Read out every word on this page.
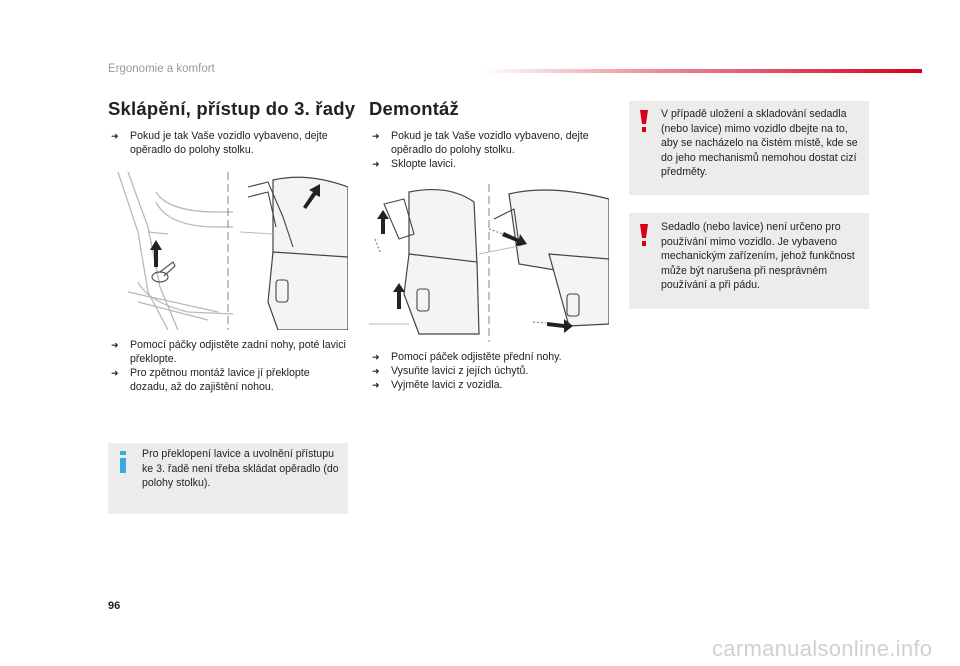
Ergonomie a komfort
Sklápění, přístup do 3. řady
➜ Pokud je tak Vaše vozidlo vybaveno, dejte opěradlo do polohy stolku.
➜ Pomocí páčky odjistěte zadní nohy, poté lavici překlopte.
➜ Pro zpětnou montáž lavice jí překlopte dozadu, až do zajištění nohou.
Pro překlopení lavice a uvolnění přístupu ke 3. řadě není třeba skládat opěradlo (do polohy stolku).
Demontáž
➜ Pokud je tak Vaše vozidlo vybaveno, dejte opěradlo do polohy stolku.
➜ Sklopte lavici.
➜ Pomocí páček odjistěte přední nohy.
➜ Vysuňte lavici z jejích úchytů.
➜ Vyjměte lavici z vozidla.
V případě uložení a skladování sedadla (nebo lavice) mimo vozidlo dbejte na to, aby se nacházelo na čistém místě, kde se do jeho mechanismů nemohou dostat cizí předměty.
Sedadlo (nebo lavice) není určeno pro používání mimo vozidlo. Je vybaveno mechanickým zařízením, jehož funkčnost může být narušena při nesprávném používání a při pádu.
96
carmanualsonline.info
